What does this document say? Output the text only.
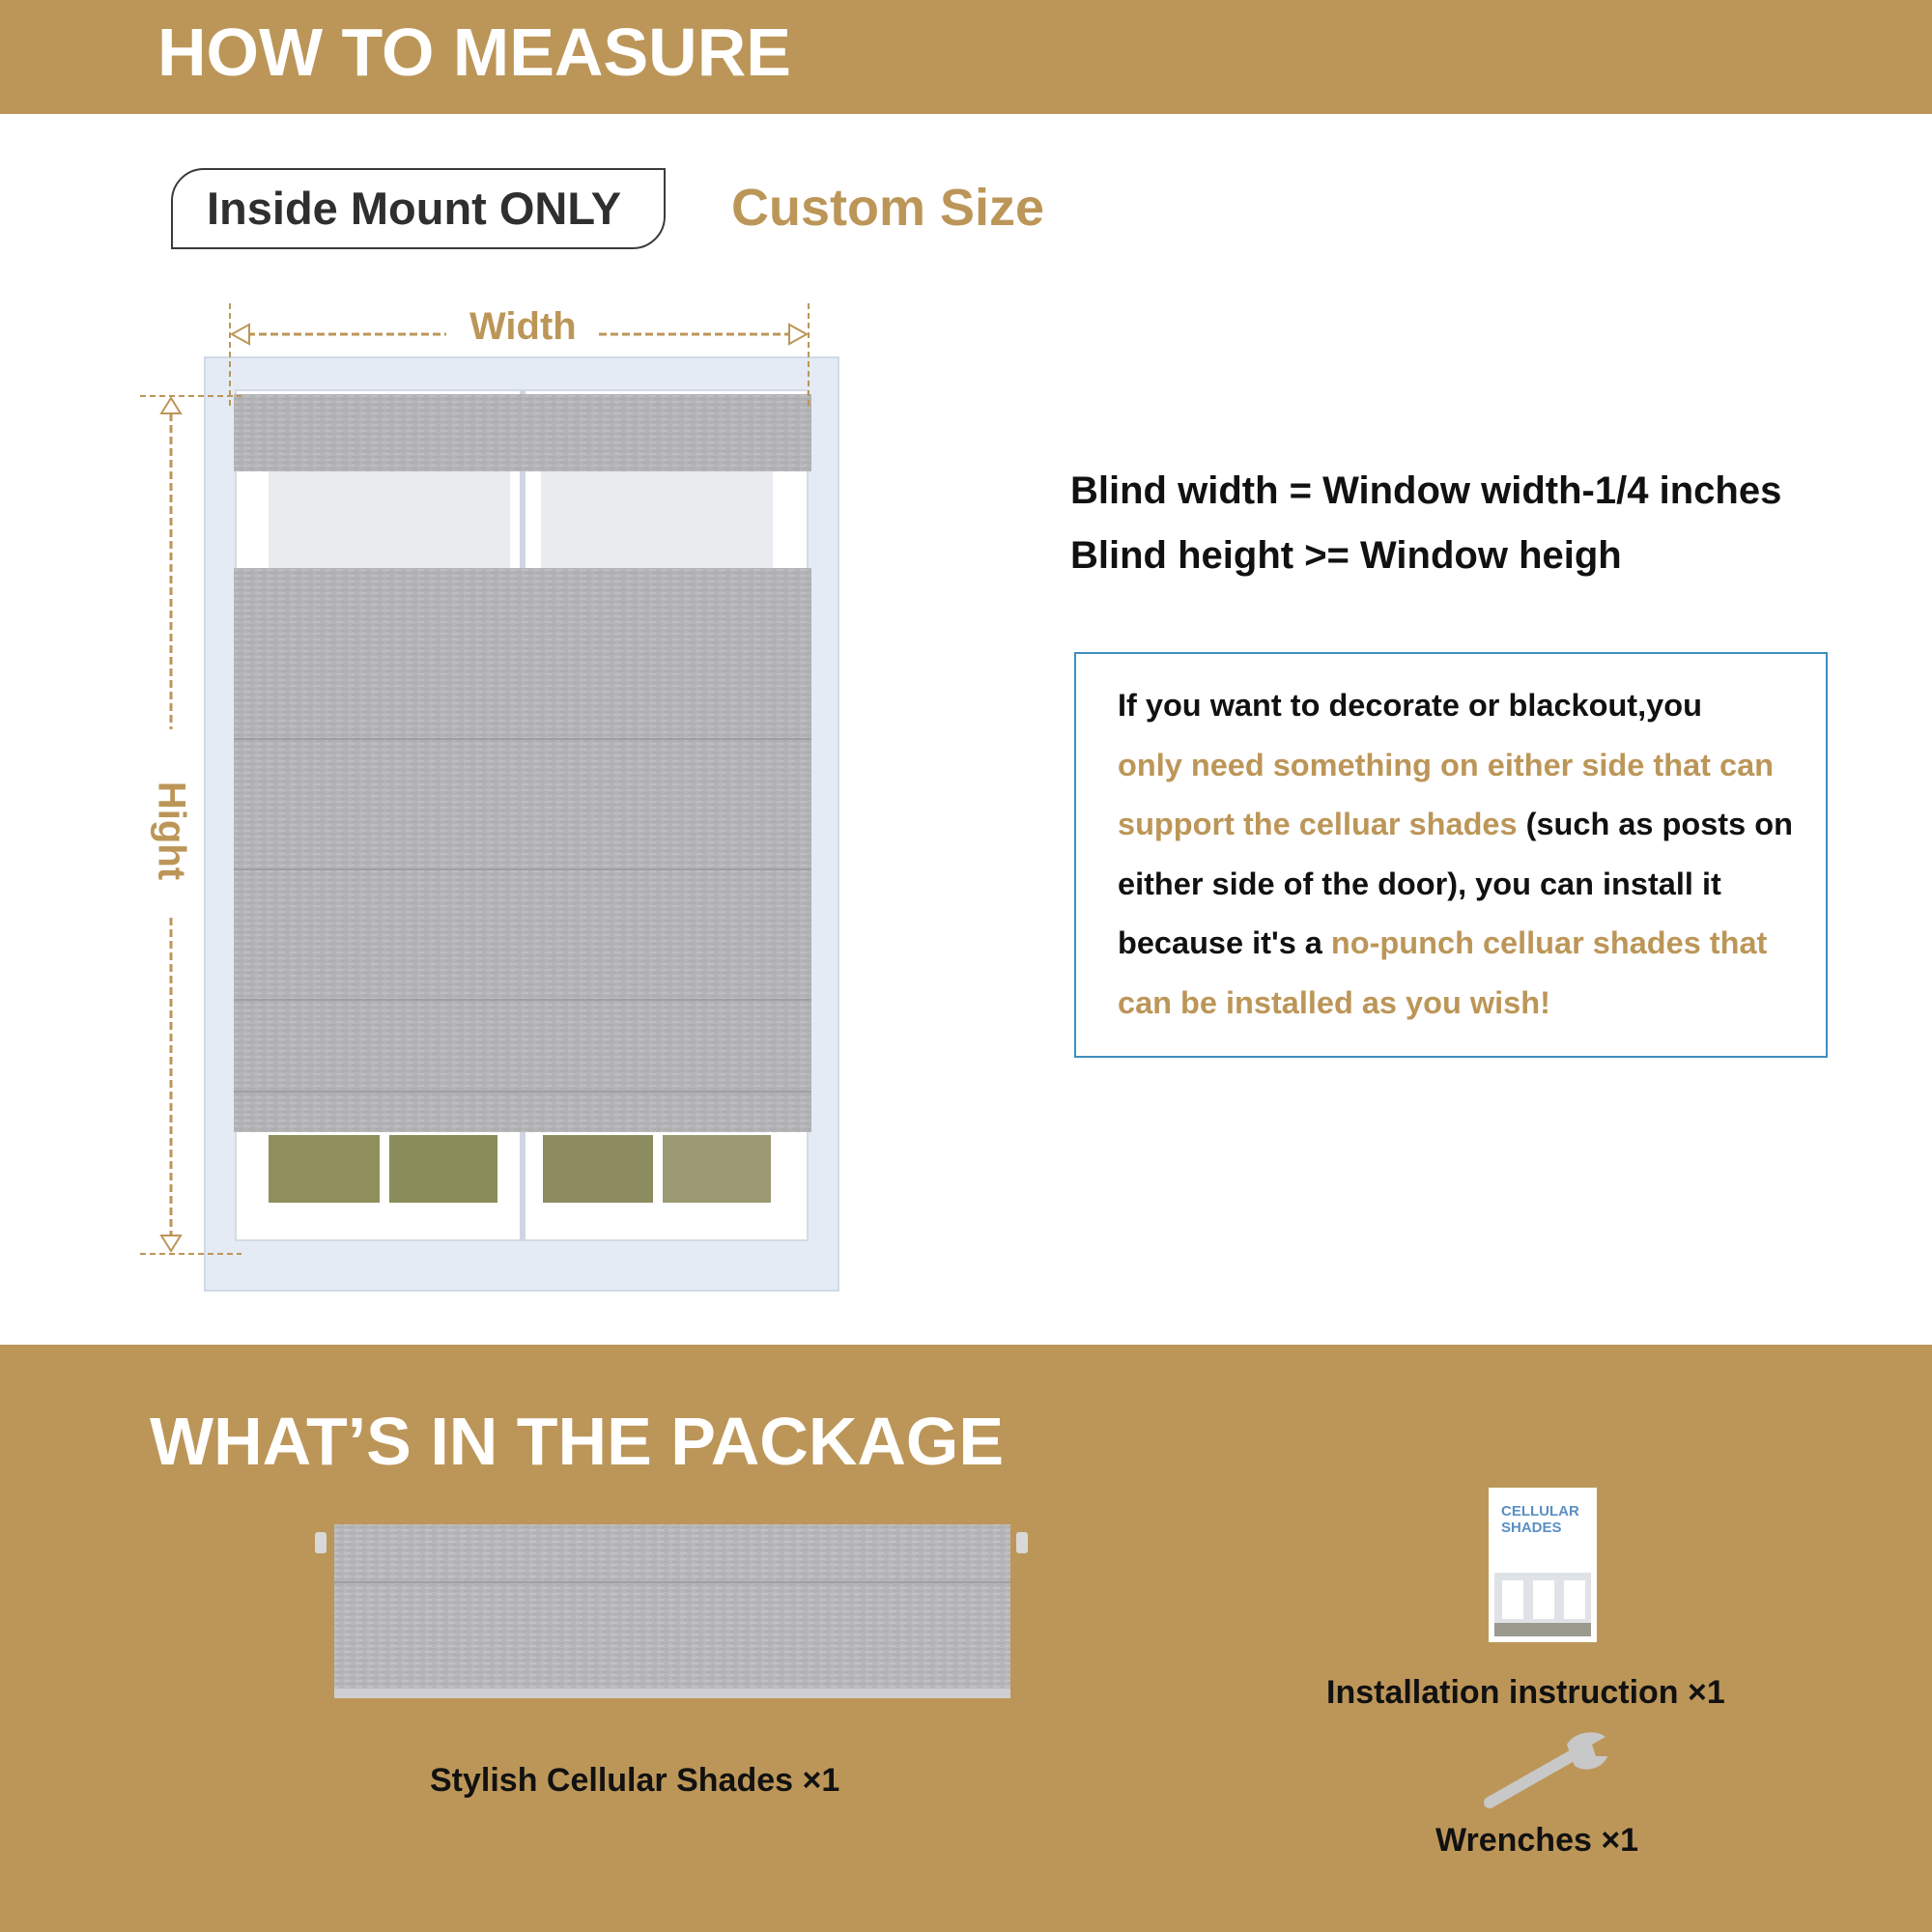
HOW TO MEASURE
Inside Mount ONLY Custom Size
Width
Hight
Blind width = Window width-1/4 inches
Blind height >= Window heigh
If you want to decorate or blackout,you
only need something on either side that can support the celluar shades (such as posts on either side of the door), you can install it because it's a no-punch celluar shades that can be installed as you wish!
WHAT’S IN THE PACKAGE
Stylish Cellular Shades ×1
CELLULAR
SHADES
Installation instruction ×1
Wrenches ×1
